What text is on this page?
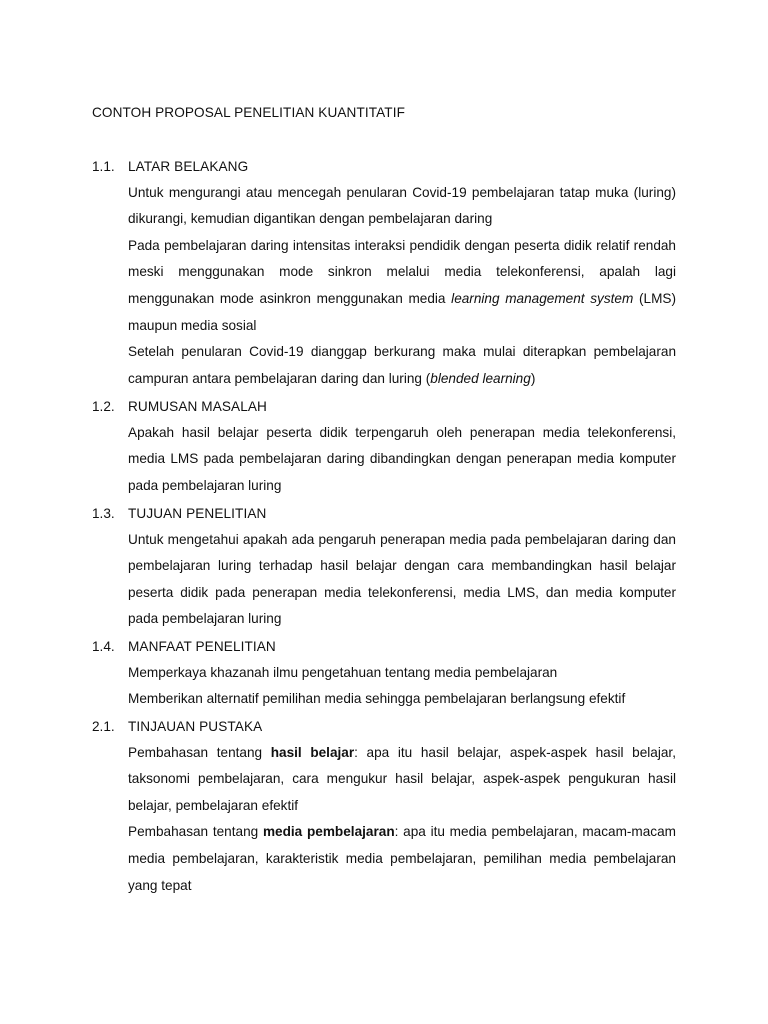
CONTOH PROPOSAL PENELITIAN KUANTITATIF
1.1. LATAR BELAKANG
Untuk mengurangi atau mencegah penularan Covid-19 pembelajaran tatap muka (luring) dikurangi, kemudian digantikan dengan pembelajaran daring
Pada pembelajaran daring intensitas interaksi pendidik dengan peserta didik relatif rendah meski menggunakan mode sinkron melalui media telekonferensi, apalah lagi menggunakan mode asinkron menggunakan media learning management system (LMS) maupun media sosial
Setelah penularan Covid-19 dianggap berkurang maka mulai diterapkan pembelajaran campuran antara pembelajaran daring dan luring (blended learning)
1.2. RUMUSAN MASALAH
Apakah hasil belajar peserta didik terpengaruh oleh penerapan media telekonferensi, media LMS pada pembelajaran daring dibandingkan dengan penerapan media komputer pada pembelajaran luring
1.3. TUJUAN PENELITIAN
Untuk mengetahui apakah ada pengaruh penerapan media pada pembelajaran daring dan pembelajaran luring terhadap hasil belajar dengan cara membandingkan hasil belajar peserta didik pada penerapan media telekonferensi, media LMS, dan media komputer pada pembelajaran luring
1.4. MANFAAT PENELITIAN
Memperkaya khazanah ilmu pengetahuan tentang media pembelajaran
Memberikan alternatif pemilihan media sehingga pembelajaran berlangsung efektif
2.1. TINJAUAN PUSTAKA
Pembahasan tentang hasil belajar: apa itu hasil belajar, aspek-aspek hasil belajar, taksonomi pembelajaran, cara mengukur hasil belajar, aspek-aspek pengukuran hasil belajar, pembelajaran efektif
Pembahasan tentang media pembelajaran: apa itu media pembelajaran, macam-macam media pembelajaran, karakteristik media pembelajaran, pemilihan media pembelajaran yang tepat
